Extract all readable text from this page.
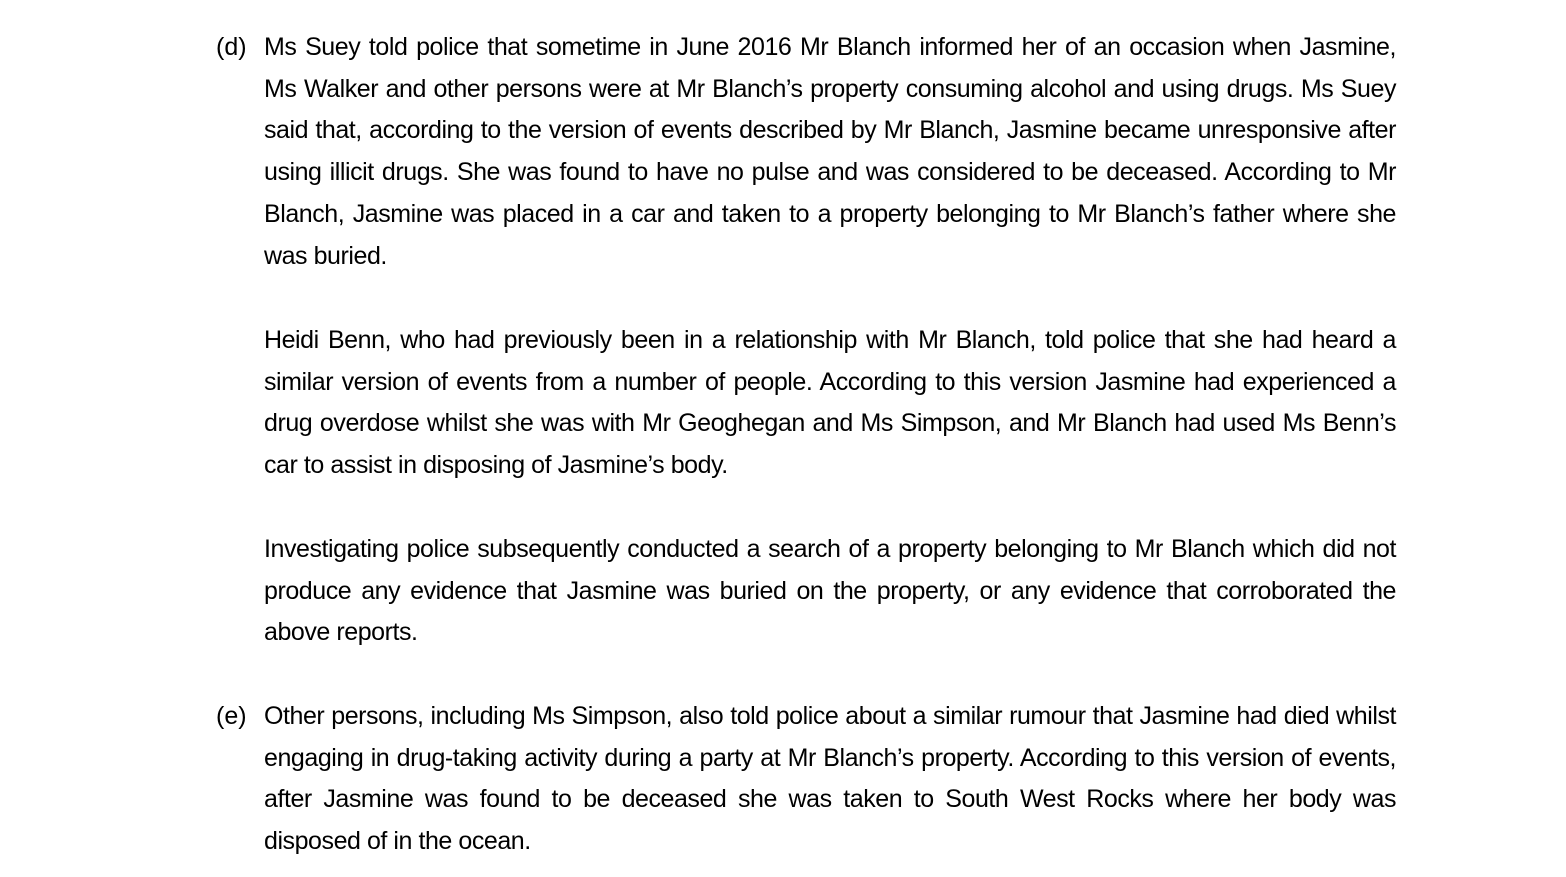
(d) Ms Suey told police that sometime in June 2016 Mr Blanch informed her of an occasion when Jasmine, Ms Walker and other persons were at Mr Blanch’s property consuming alcohol and using drugs. Ms Suey said that, according to the version of events described by Mr Blanch, Jasmine became unresponsive after using illicit drugs. She was found to have no pulse and was considered to be deceased. According to Mr Blanch, Jasmine was placed in a car and taken to a property belonging to Mr Blanch’s father where she was buried.

Heidi Benn, who had previously been in a relationship with Mr Blanch, told police that she had heard a similar version of events from a number of people. According to this version Jasmine had experienced a drug overdose whilst she was with Mr Geoghegan and Ms Simpson, and Mr Blanch had used Ms Benn’s car to assist in disposing of Jasmine’s body.

Investigating police subsequently conducted a search of a property belonging to Mr Blanch which did not produce any evidence that Jasmine was buried on the property, or any evidence that corroborated the above reports.

(e) Other persons, including Ms Simpson, also told police about a similar rumour that Jasmine had died whilst engaging in drug-taking activity during a party at Mr Blanch’s property. According to this version of events, after Jasmine was found to be deceased she was taken to South West Rocks where her body was disposed of in the ocean.
